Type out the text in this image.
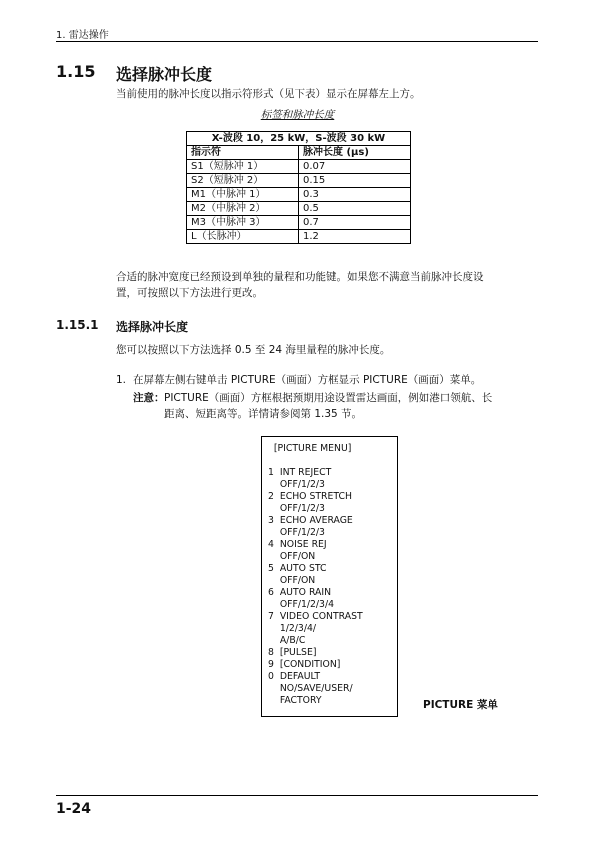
1. 雷达操作
1.15 选择脉冲长度
当前使用的脉冲长度以指示符形式（见下表）显示在屏幕左上方。
标签和脉冲长度
X-波段 10，25 kW，S-波段 30 kW	
指示符	脉冲长度 (μs)
S1（短脉冲 1）	0.07
S2（短脉冲 2）	0.15
M1（中脉冲 1）	0.3
M2（中脉冲 2）	0.5
M3（中脉冲 3）	0.7
L（长脉冲）	1.2
合适的脉冲宽度已经预设到单独的量程和功能键。如果您不满意当前脉冲长度设
置，可按照以下方法进行更改。
1.15.1 选择脉冲长度
您可以按照以下方法选择 0.5 至 24 海里量程的脉冲长度。
1. 在屏幕左侧右键单击 PICTURE（画面）方框显示 PICTURE（画面）菜单。
注意： PICTURE（画面）方框根据预期用途设置雷达画面，例如港口领航、长
距离、短距离等。详情请参阅第 1.35 节。
[PICTURE MENU]

1  INT REJECT
OFF/1/2/3
2  ECHO STRETCH
OFF/1/2/3
3  ECHO AVERAGE
OFF/1/2/3
4  NOISE REJ
OFF/ON
5  AUTO STC
OFF/ON
6  AUTO RAIN
OFF/1/2/3/4
7  VIDEO CONTRAST
1/2/3/4/
A/B/C
8  [PULSE]
9  [CONDITION]
0  DEFAULT
NO/SAVE/USER/
FACTORY	PICTURE 菜单
1-24
